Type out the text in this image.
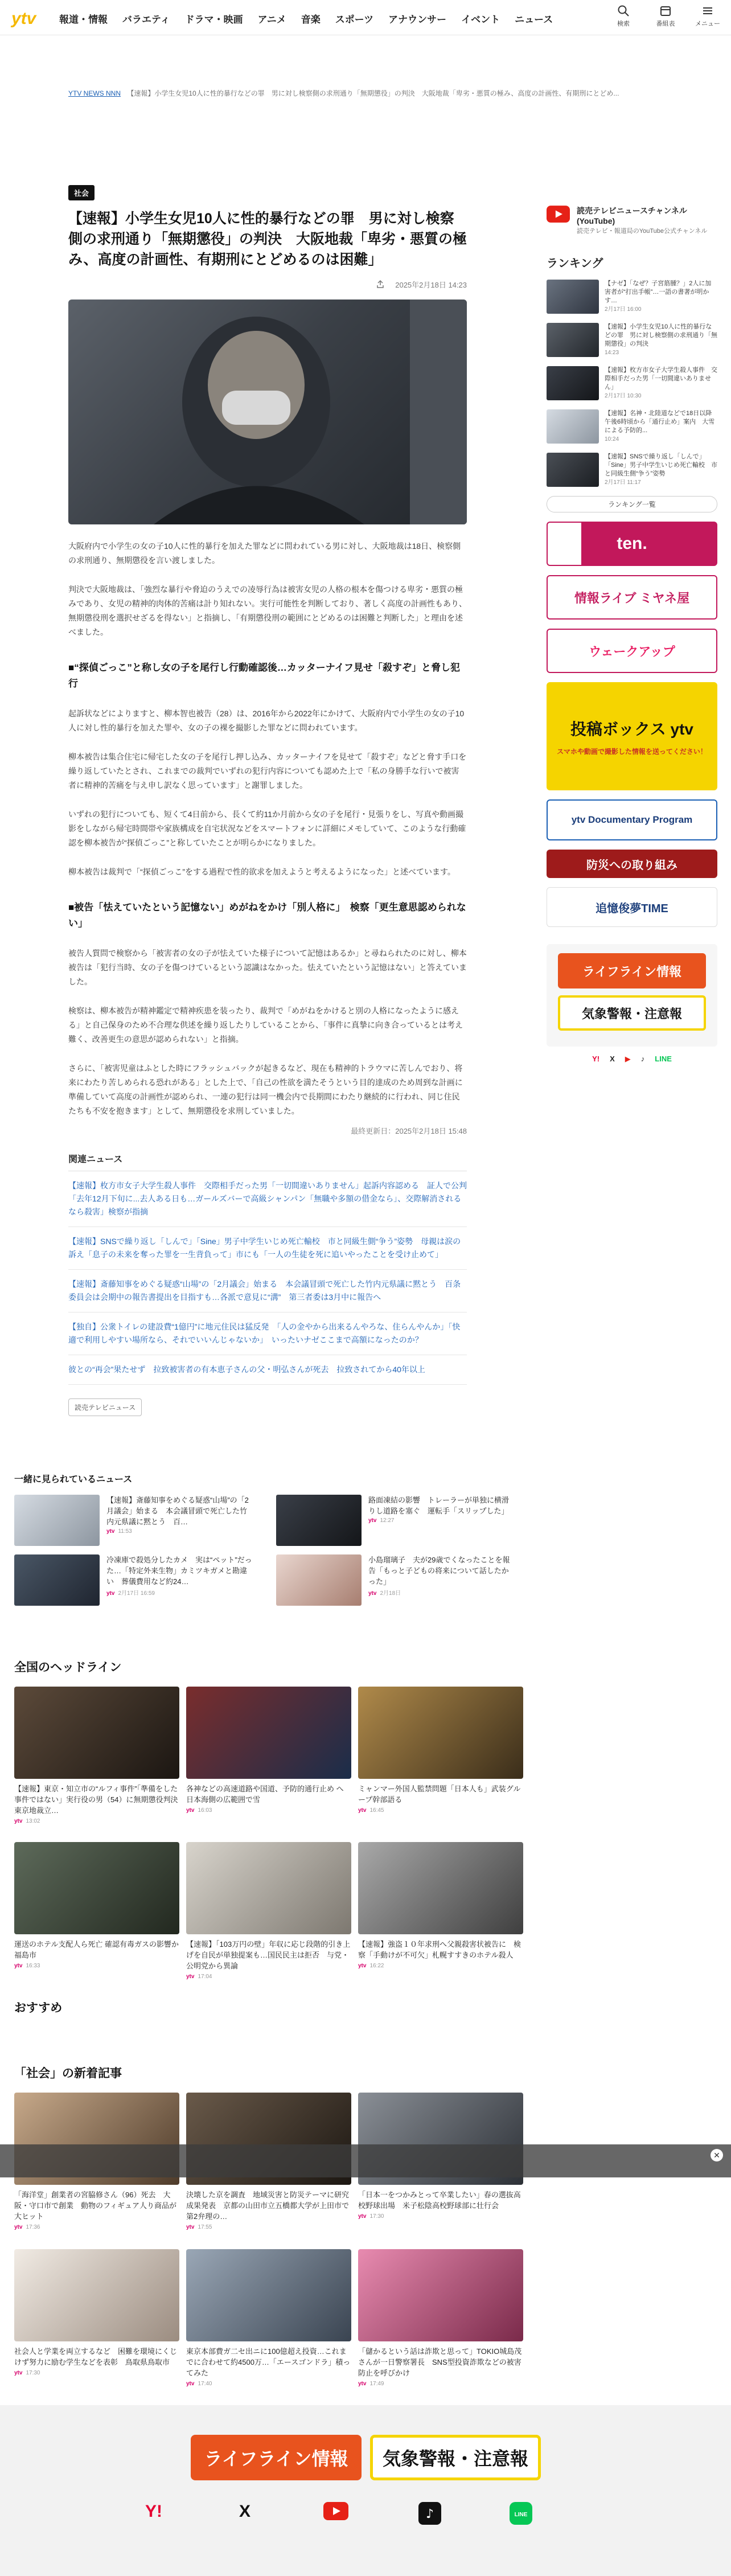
ytv 報道・情報 バラエティ ドラマ・映画 アニメ 音楽 スポーツ アナウンサー イベント ニュース	検索	番組表	メニュー
YTV NEWS NNN 【速報】小学生女児10人に性的暴行などの罪　男に対し検察側の求刑通り「無期懲役」の判決　大阪地裁「卑劣・悪質の極み、高度の計画性、有期刑にとどめ...
社会
【速報】小学生女児10人に性的暴行などの罪　男に対し検察側の求刑通り「無期懲役」の判決　大阪地裁「卑劣・悪質の極み、高度の計画性、有期刑にとどめるのは困難」
2025年2月18日 14:23

大阪府内で小学生の女の子10人に性的暴行を加えた罪などに問われている男に対し、大阪地裁は18日、検察側の求刑通り、無期懲役を言い渡しました。

判決で大阪地裁は、「強烈な暴行や脅迫のうえでの凌辱行為は被害女児の人格の根本を傷つける卑劣・悪質の極みであり、女児の精神的肉体的苦痛は計り知れない。実行可能性を判断しており、著しく高度の計画性もあり、無期懲役刑を選択せざるを得ない」と指摘し、「有期懲役刑の範囲にとどめるのは困難と判断した」と理由を述べました。

■“探偵ごっこ”と称し女の子を尾行し行動確認後…カッターナイフ見せ「殺すぞ」と脅し犯行

起訴状などによりますと、柳本智也被告（28）は、2016年から2022年にかけて、大阪府内で小学生の女の子10人に対し性的暴行を加えた罪や、女の子の裸を撮影した罪などに問われています。

柳本被告は集合住宅に帰宅した女の子を尾行し押し込み、カッターナイフを見せて「殺すぞ」などと脅す手口を繰り返していたとされ、これまでの裁判でいずれの犯行内容についても認めた上で「私の身勝手な行いで被害者に精神的苦痛を与え申し訳なく思っています」と謝罪しました。

いずれの犯行についても、短くて4日前から、長くて約11か月前から女の子を尾行・見張りをし、写真や動画撮影をしながら帰宅時間帯や家族構成を自宅状況などをスマートフォンに詳細にメモしていて、このような行動確認を柳本被告が“探偵ごっこ”と称していたことが明らかになりました。

柳本被告は裁判で「“探偵ごっこ”をする過程で性的欲求を加えようと考えるようになった」と述べています。

■被告「怯えていたという記憶ない」めがねをかけ「別人格に」　検察「更生意思認められない」

被告人質問で検察から「被害者の女の子が怯えていた様子について記憶はあるか」と尋ねられたのに対し、柳本被告は「犯行当時、女の子を傷つけているという認識はなかった。怯えていたという記憶はない」と答えていました。

検察は、柳本被告が精神鑑定で精神疾患を装ったり、裁判で「めがねをかけると別の人格になったように感える」と自己保身のため不合理な供述を繰り返したりしていることから、「事件に真摯に向き合っているとは考え難く、改善更生の意思が認められない」と指摘。

さらに、「被害児童はふとした時にフラッシュバックが起きるなど、現在も精神的トラウマに苦しんでおり、将来にわたり苦しめられる恐れがある」とした上で、「自己の性欲を満たそうという目的達成のため周到な計画に準備していて高度の計画性が認められ、一連の犯行は同一機会内で長期間にわたり継続的に行われ、同じ住民たちも不安を抱きます」として、無期懲役を求刑していました。

最終更新日：2025年2月18日 15:48
関連ニュース
【速報】枚方市女子大学生殺人事件　交際相手だった男「一切間違いありません」起訴内容認める　証人で公判「去年12月下旬に...去人ある日も…ガールズバーで高級シャンパン「無職や多額の借金なら」、交際解消されるなら殺害」検察が指摘
【速報】SNSで繰り返し「しんで」「Sine」男子中学生いじめ死亡輸校　市と同級生側“争う”姿勢　母親は涙の訴え「息子の未来を奪った罪を一生背負って」市にも「一人の生徒を死に追いやったことを受け止めて」
【速報】斎藤知事をめぐる疑惑“山場”の「2月議会」始まる　本会議冒頭で死亡した竹内元県議に黙とう　百条委員会は会期中の報告書提出を目指すも…各派で意見に“溝”　第三者委は3月中に報告へ
【独自】公衆トイレの建設費“1億円”に地元住民は猛反発　「人の金やから出来るんやろな、住らんやんか」「快適で利用しやすい場所なら、それでいいんじゃないか」　いったいナゼここまで高額になったのか？
彼との“再会”果たせず　拉致被害者の有本恵子さんの父・明弘さんが死去　拉致されてから40年以上
読売テレビニュース
読売テレビニュースチャンネル (YouTube)
読売テレビ・報道局のYouTube公式チャンネル
ランキング
【ナゼ】「なぜ？子宮筋腫？」2人に加害者が“打出手帳”…一語の書著が明かす…
2月17日 16:00
【速報】小学生女児10人に性的暴行などの罪　男に対し検察側の求刑通り「無期懲役」の判決
14:23
【速報】枚方市女子大学生殺人事件　交際相手だった男「一切間違いありません」
2月17日 10:30
【速報】名神・北陸道などで18日以降午後6時頃から「通行止め」案内　大雪による予防的...
10:24
【速報】SNSで繰り返し「しんで」「Sine」男子中学生いじめ死亡輸校　市と同級生側“争う”姿勢
2月17日 11:17
ランキング一覧
ten.
情報ライブ ミヤネ屋
ウェークアップ
投稿ボックス ytv
スマホや動画で撮影した情報を送ってください！
ytv Documentary Program
防災への取り組み
追憶俊夢TIME
ライフライン情報
気象警報・注意報
Y! X ▶ ♪ LINE
一緒に見られているニュース
【速報】斎藤知事をめぐる疑惑“山場”の「2月議会」始まる　本会議冒頭で死亡した竹内元県議に黙とう　百…
ytv 11:53
路面凍結の影響　トレーラーが単独に横滑りし道路を塞ぐ　運転手「スリップした」
ytv 12:27
冷凍庫で殺処分したカメ　実は“ペット”だった…「特定外来生物」カミツキガメと勘違い　葬儀費用など約24…
ytv 2月17日 16:59
小島瑠璃子　夫が29歳でくなったことを報告「もっと子どもの将来について話したかった」
ytv 2月18日
全国のヘッドライン
【速報】東京・知立市の“ルフィ事件”「準備をした事件ではない」実行役の男（54）に無期懲役判決 東京地裁立…
ytv 13:02
各神などの高速道路や国道、予防的通行止め へ　日本海側の広範囲で雪
ytv 16:03
ミャンマー外国人監禁問題「日本人も」武装グループ幹部語る
ytv 16:45
運送のホテル支配人ら死亡 確認有毒ガスの影響か　福島市
ytv 16:33
【速報】「103万円の壁」年収に応じ段階的引き上げを自民が単独提案も…国民民主は拒否　与党・公明党から異論
ytv 17:04
【速報】強盗１０年求刑へ父親殺害状被告に　検察「手動けが不可欠」札幌すすきのホテル殺人
ytv 16:22
おすすめ
「社会」の新着記事
「海洋堂」創業者の宮脇修さん（96）死去　大阪・守口市で創業　動物のフィギュア人り商品が大ヒット
ytv 17:36
決壊した京を調査　地域災害と防災テーマに研究成果発表　京都の山田市立五橋都大学が上田市で第2弁理の…
ytv 17:55
「日本一をつかみとって卒業したい」春の選抜高校野球出場　米子松陰高校野球部に壮行会
ytv 17:30
社会人と学業を両立するなど　困難を環境にくじけず努力に励む学生などを表彰　鳥取県鳥取市
ytv 17:30
東京本部費ガ二セ出ニに100億超え投資…これまでに合わせて約4500万…「エースゴンドラ」積ってみた
ytv 17:40
「儲かるという話は詐欺と思って」TOKIO城島茂さんが一日警察署長　SNS型投資詐欺などの被害防止を呼びかけ
ytv 17:49
✕
ライフライン情報 気象警報・注意報
Y!	X	♪	LINE
